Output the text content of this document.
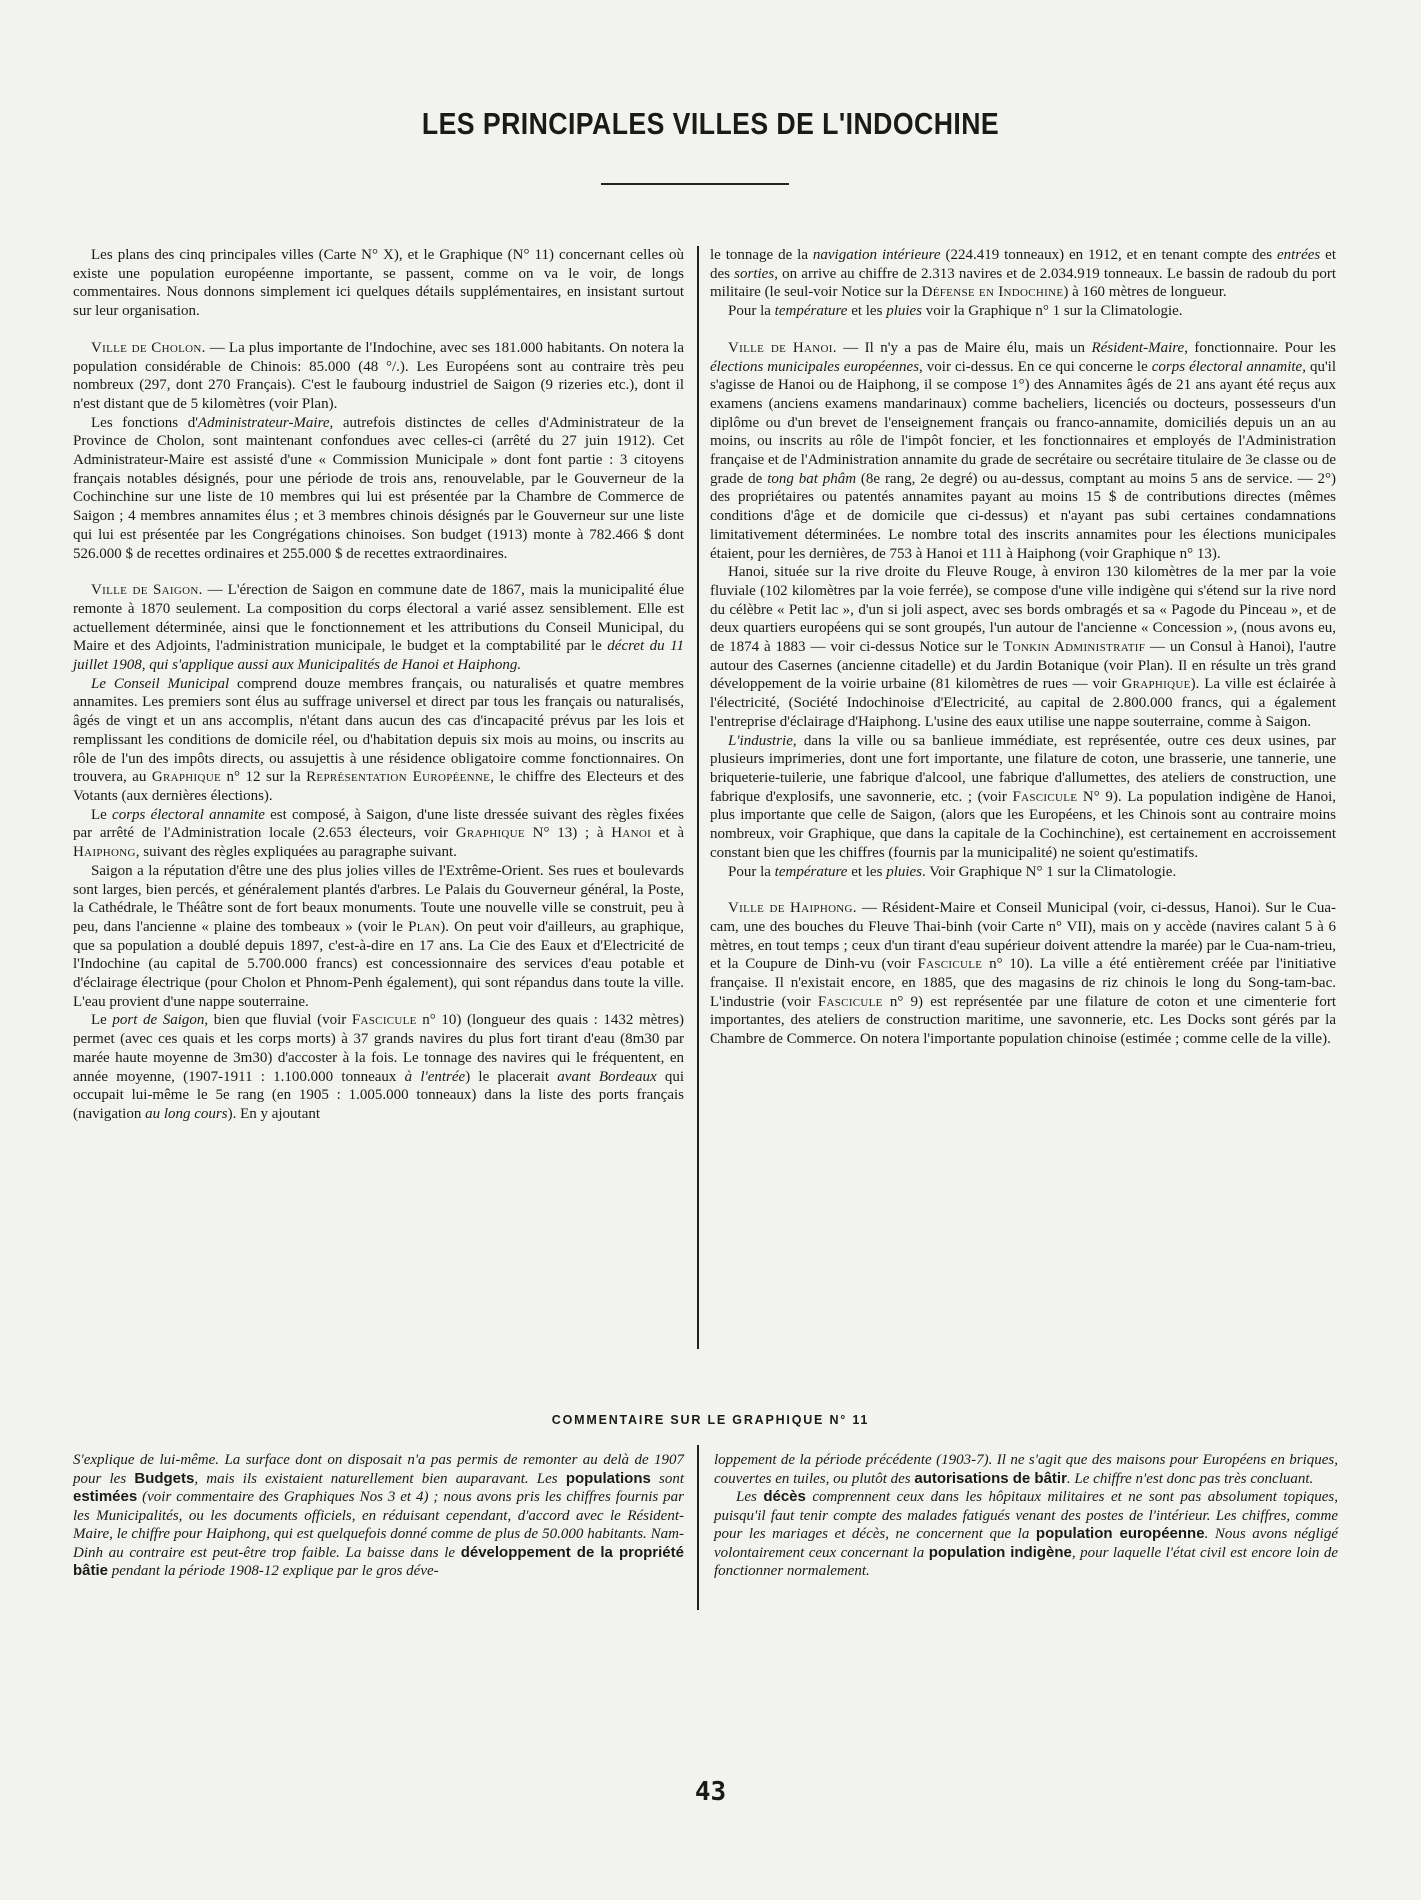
LES PRINCIPALES VILLES DE L'INDOCHINE

Les plans des cinq principales villes (Carte N° X), et le Graphique (N° 11) concernant celles où existe une population européenne importante, se passent, comme on va le voir, de longs commentaires. Nous donnons simplement ici quelques détails supplémentaires, en insistant surtout sur leur organisation.

Ville de Cholon. — La plus importante de l'Indochine, avec ses 181.000 habitants. On notera la population considérable de Chinois: 85.000 (48 °/.). Les Européens sont au contraire très peu nombreux (297, dont 270 Français). C'est le faubourg industriel de Saigon (9 rizeries etc.), dont il n'est distant que de 5 kilomètres (voir Plan).

Les fonctions d'Administrateur-Maire, autrefois distinctes de celles d'Administrateur de la Province de Cholon, sont maintenant confondues avec celles-ci (arrêté du 27 juin 1912). Cet Administrateur-Maire est assisté d'une « Commission Municipale » dont font partie : 3 citoyens français notables désignés, pour une période de trois ans, renouvelable, par le Gouverneur de la Cochinchine sur une liste de 10 membres qui lui est présentée par la Chambre de Commerce de Saigon ; 4 membres annamites élus ; et 3 membres chinois désignés par le Gouverneur sur une liste qui lui est présentée par les Congrégations chinoises. Son budget (1913) monte à 782.466 $ dont 526.000 $ de recettes ordinaires et 255.000 $ de recettes extraordinaires.

Ville de Saigon. — L'érection de Saigon en commune date de 1867, mais la municipalité élue remonte à 1870 seulement. La composition du corps électoral a varié assez sensiblement. Elle est actuellement déterminée, ainsi que le fonctionnement et les attributions du Conseil Municipal, du Maire et des Adjoints, l'administration municipale, le budget et la comptabilité par le décret du 11 juillet 1908, qui s'applique aussi aux Municipalités de Hanoi et Haiphong.

Le Conseil Municipal comprend douze membres français, ou naturalisés et quatre membres annamites. Les premiers sont élus au suffrage universel et direct par tous les français ou naturalisés, âgés de vingt et un ans accomplis, n'étant dans aucun des cas d'incapacité prévus par les lois et remplissant les conditions de domicile réel, ou d'habitation depuis six mois au moins, ou inscrits au rôle de l'un des impôts directs, ou assujettis à une résidence obligatoire comme fonctionnaires. On trouvera, au Graphique n° 12 sur la Représentation Européenne, le chiffre des Electeurs et des Votants (aux dernières élections).

Le corps électoral annamite est composé, à Saigon, d'une liste dressée suivant des règles fixées par arrêté de l'Administration locale (2.653 électeurs, voir Graphique N° 13) ; à Hanoi et à Haiphong, suivant des règles expliquées au paragraphe suivant.

Saigon a la réputation d'être une des plus jolies villes de l'Extrême-Orient. Ses rues et boulevards sont larges, bien percés, et généralement plantés d'arbres. Le Palais du Gouverneur général, la Poste, la Cathédrale, le Théâtre sont de fort beaux monuments. Toute une nouvelle ville se construit, peu à peu, dans l'ancienne « plaine des tombeaux » (voir le Plan). On peut voir d'ailleurs, au graphique, que sa population a doublé depuis 1897, c'est-à-dire en 17 ans. La Cie des Eaux et d'Electricité de l'Indochine (au capital de 5.700.000 francs) est concessionnaire des services d'eau potable et d'éclairage électrique (pour Cholon et Phnom-Penh également), qui sont répandus dans toute la ville. L'eau provient d'une nappe souterraine.

Le port de Saigon, bien que fluvial (voir Fascicule n° 10) (longueur des quais : 1432 mètres) permet (avec ces quais et les corps morts) à 37 grands navires du plus fort tirant d'eau (8m30 par marée haute moyenne de 3m30) d'accoster à la fois. Le tonnage des navires qui le fréquentent, en année moyenne, (1907-1911 : 1.100.000 tonneaux à l'entrée) le placerait avant Bordeaux qui occupait lui-même le 5e rang (en 1905 : 1.005.000 tonneaux) dans la liste des ports français (navigation au long cours). En y ajoutant

le tonnage de la navigation intérieure (224.419 tonneaux) en 1912, et en tenant compte des entrées et des sorties, on arrive au chiffre de 2.313 navires et de 2.034.919 tonneaux. Le bassin de radoub du port militaire (le seul-voir Notice sur la Défense en Indochine) à 160 mètres de longueur.

Pour la température et les pluies voir la Graphique n° 1 sur la Climatologie.

Ville de Hanoi. — Il n'y a pas de Maire élu, mais un Résident-Maire, fonctionnaire. Pour les élections municipales européennes, voir ci-dessus. En ce qui concerne le corps électoral annamite, qu'il s'agisse de Hanoi ou de Haiphong, il se compose 1°) des Annamites âgés de 21 ans ayant été reçus aux examens (anciens examens mandarinaux) comme bacheliers, licenciés ou docteurs, possesseurs d'un diplôme ou d'un brevet de l'enseignement français ou franco-annamite, domiciliés depuis un an au moins, ou inscrits au rôle de l'impôt foncier, et les fonctionnaires et employés de l'Administration française et de l'Administration annamite du grade de secrétaire ou secrétaire titulaire de 3e classe ou de grade de tong bat phâm (8e rang, 2e degré) ou au-dessus, comptant au moins 5 ans de service. — 2°) des propriétaires ou patentés annamites payant au moins 15 $ de contributions directes (mêmes conditions d'âge et de domicile que ci-dessus) et n'ayant pas subi certaines condamnations limitativement déterminées. Le nombre total des inscrits annamites pour les élections municipales étaient, pour les dernières, de 753 à Hanoi et 111 à Haiphong (voir Graphique n° 13).

Hanoi, située sur la rive droite du Fleuve Rouge, à environ 130 kilomètres de la mer par la voie fluviale (102 kilomètres par la voie ferrée), se compose d'une ville indigène qui s'étend sur la rive nord du célèbre « Petit lac », d'un si joli aspect, avec ses bords ombragés et sa « Pagode du Pinceau », et de deux quartiers européens qui se sont groupés, l'un autour de l'ancienne « Concession », (nous avons eu, de 1874 à 1883 — voir ci-dessus Notice sur le Tonkin Administratif — un Consul à Hanoi), l'autre autour des Casernes (ancienne citadelle) et du Jardin Botanique (voir Plan). Il en résulte un très grand développement de la voirie urbaine (81 kilomètres de rues — voir Graphique). La ville est éclairée à l'électricité, (Société Indochinoise d'Electricité, au capital de 2.800.000 francs, qui a également l'entreprise d'éclairage d'Haiphong. L'usine des eaux utilise une nappe souterraine, comme à Saigon.

L'industrie, dans la ville ou sa banlieue immédiate, est représentée, outre ces deux usines, par plusieurs imprimeries, dont une fort importante, une filature de coton, une brasserie, une tannerie, une briqueterie-tuilerie, une fabrique d'alcool, une fabrique d'allumettes, des ateliers de construction, une fabrique d'explosifs, une savonnerie, etc. ; (voir Fascicule N° 9). La population indigène de Hanoi, plus importante que celle de Saigon, (alors que les Européens, et les Chinois sont au contraire moins nombreux, voir Graphique, que dans la capitale de la Cochinchine), est certainement en accroissement constant bien que les chiffres (fournis par la municipalité) ne soient qu'estimatifs.

Pour la température et les pluies. Voir Graphique N° 1 sur la Climatologie.

Ville de Haiphong. — Résident-Maire et Conseil Municipal (voir, ci-dessus, Hanoi). Sur le Cua-cam, une des bouches du Fleuve Thai-binh (voir Carte n° VII), mais on y accède (navires calant 5 à 6 mètres, en tout temps ; ceux d'un tirant d'eau supérieur doivent attendre la marée) par le Cua-nam-trieu, et la Coupure de Dinh-vu (voir Fascicule n° 10). La ville a été entièrement créée par l'initiative française. Il n'existait encore, en 1885, que des magasins de riz chinois le long du Song-tam-bac. L'industrie (voir Fascicule n° 9) est représentée par une filature de coton et une cimenterie fort importantes, des ateliers de construction maritime, une savonnerie, etc. Les Docks sont gérés par la Chambre de Commerce. On notera l'importante population chinoise (estimée ; comme celle de la ville).

COMMENTAIRE SUR LE GRAPHIQUE N° 11

S'explique de lui-même. La surface dont on disposait n'a pas permis de remonter au delà de 1907 pour les Budgets, mais ils existaient naturellement bien auparavant. Les populations sont estimées (voir commentaire des Graphiques Nos 3 et 4) ; nous avons pris les chiffres fournis par les Municipalités, ou les documents officiels, en réduisant cependant, d'accord avec le Résident-Maire, le chiffre pour Haiphong, qui est quelquefois donné comme de plus de 50.000 habitants. Nam-Dinh au contraire est peut-être trop faible. La baisse dans le développement de la propriété bâtie pendant la période 1908-12 explique par le gros déve-

loppement de la période précédente (1903-7). Il ne s'agit que des maisons pour Européens en briques, couvertes en tuiles, ou plutôt des autorisations de bâtir. Le chiffre n'est donc pas très concluant.

Les décès comprennent ceux dans les hôpitaux militaires et ne sont pas absolument topiques, puisqu'il faut tenir compte des malades fatigués venant des postes de l'intérieur. Les chiffres, comme pour les mariages et décès, ne concernent que la population européenne. Nous avons négligé volontairement ceux concernant la population indigène, pour laquelle l'état civil est encore loin de fonctionner normalement.

43
